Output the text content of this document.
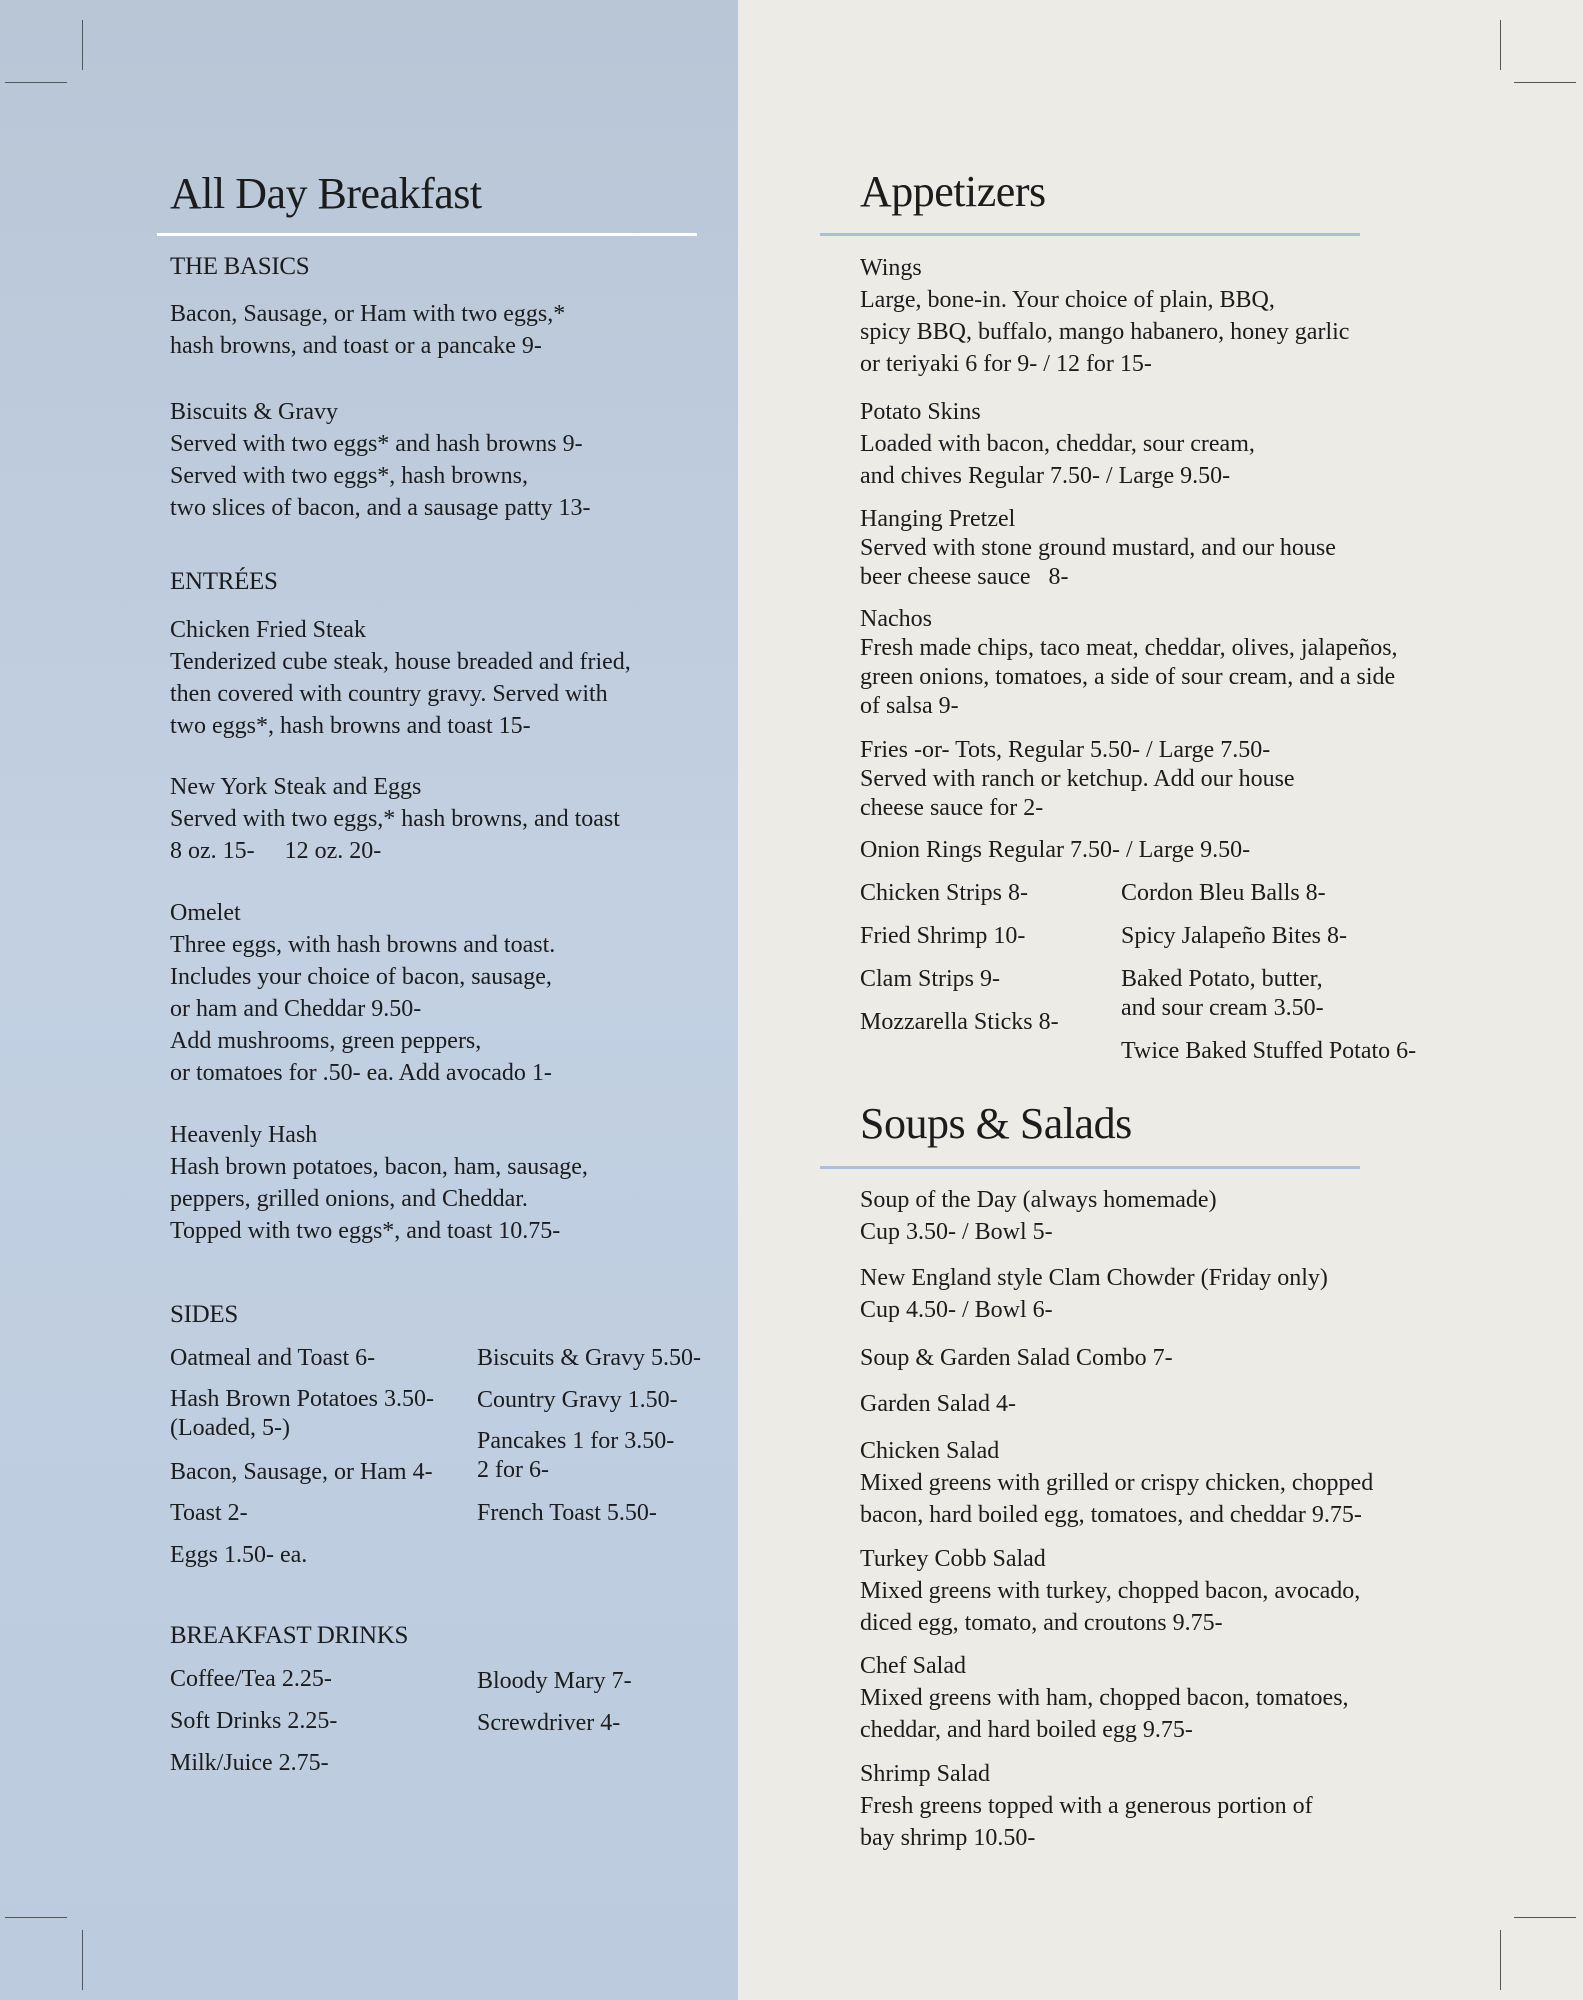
All Day Breakfast
THE BASICS
Bacon, Sausage, or Ham with two eggs,*
hash browns, and toast or a pancake 9-
Biscuits & Gravy
Served with two eggs* and hash browns 9-
Served with two eggs*, hash browns,
two slices of bacon, and a sausage patty 13-
ENTRÉES
Chicken Fried Steak
Tenderized cube steak, house breaded and fried,
then covered with country gravy. Served with
two eggs*, hash browns and toast 15-
New York Steak and Eggs
Served with two eggs,* hash browns, and toast
8 oz. 15-     12 oz. 20-
Omelet
Three eggs, with hash browns and toast.
Includes your choice of bacon, sausage,
or ham and Cheddar 9.50-
Add mushrooms, green peppers,
or tomatoes for .50- ea. Add avocado 1-
Heavenly Hash
Hash brown potatoes, bacon, ham, sausage,
peppers, grilled onions, and Cheddar.
Topped with two eggs*, and toast 10.75-
SIDES
Oatmeal and Toast 6-
Hash Brown Potatoes 3.50-
(Loaded, 5-)
Bacon, Sausage, or Ham 4-
Toast 2-
Eggs 1.50- ea.
Biscuits & Gravy 5.50-
Country Gravy 1.50-
Pancakes 1 for 3.50-
2 for 6-
French Toast 5.50-
BREAKFAST DRINKS
Coffee/Tea 2.25-
Soft Drinks 2.25-
Milk/Juice 2.75-
Bloody Mary 7-
Screwdriver 4-
Appetizers
Wings
Large, bone-in. Your choice of plain, BBQ,
spicy BBQ, buffalo, mango habanero, honey garlic
or teriyaki 6 for 9- / 12 for 15-
Potato Skins
Loaded with bacon, cheddar, sour cream,
and chives Regular 7.50- / Large 9.50-
Hanging Pretzel
Served with stone ground mustard, and our house
beer cheese sauce   8-
Nachos
Fresh made chips, taco meat, cheddar, olives, jalapeños,
green onions, tomatoes, a side of sour cream, and a side
of salsa 9-
Fries -or- Tots, Regular 5.50- / Large 7.50-
Served with ranch or ketchup. Add our house
cheese sauce for 2-
Onion Rings Regular 7.50- / Large 9.50-
Chicken Strips 8-
Fried Shrimp 10-
Clam Strips 9-
Mozzarella Sticks 8-
Cordon Bleu Balls 8-
Spicy Jalapeño Bites 8-
Baked Potato, butter,
and sour cream 3.50-
Twice Baked Stuffed Potato 6-
Soups & Salads
Soup of the Day (always homemade)
Cup 3.50- / Bowl 5-
New England style Clam Chowder (Friday only)
Cup 4.50- / Bowl 6-
Soup & Garden Salad Combo 7-
Garden Salad 4-
Chicken Salad
Mixed greens with grilled or crispy chicken, chopped
bacon, hard boiled egg, tomatoes, and cheddar 9.75-
Turkey Cobb Salad
Mixed greens with turkey, chopped bacon, avocado,
diced egg, tomato, and croutons 9.75-
Chef Salad
Mixed greens with ham, chopped bacon, tomatoes,
cheddar, and hard boiled egg 9.75-
Shrimp Salad
Fresh greens topped with a generous portion of
bay shrimp 10.50-
